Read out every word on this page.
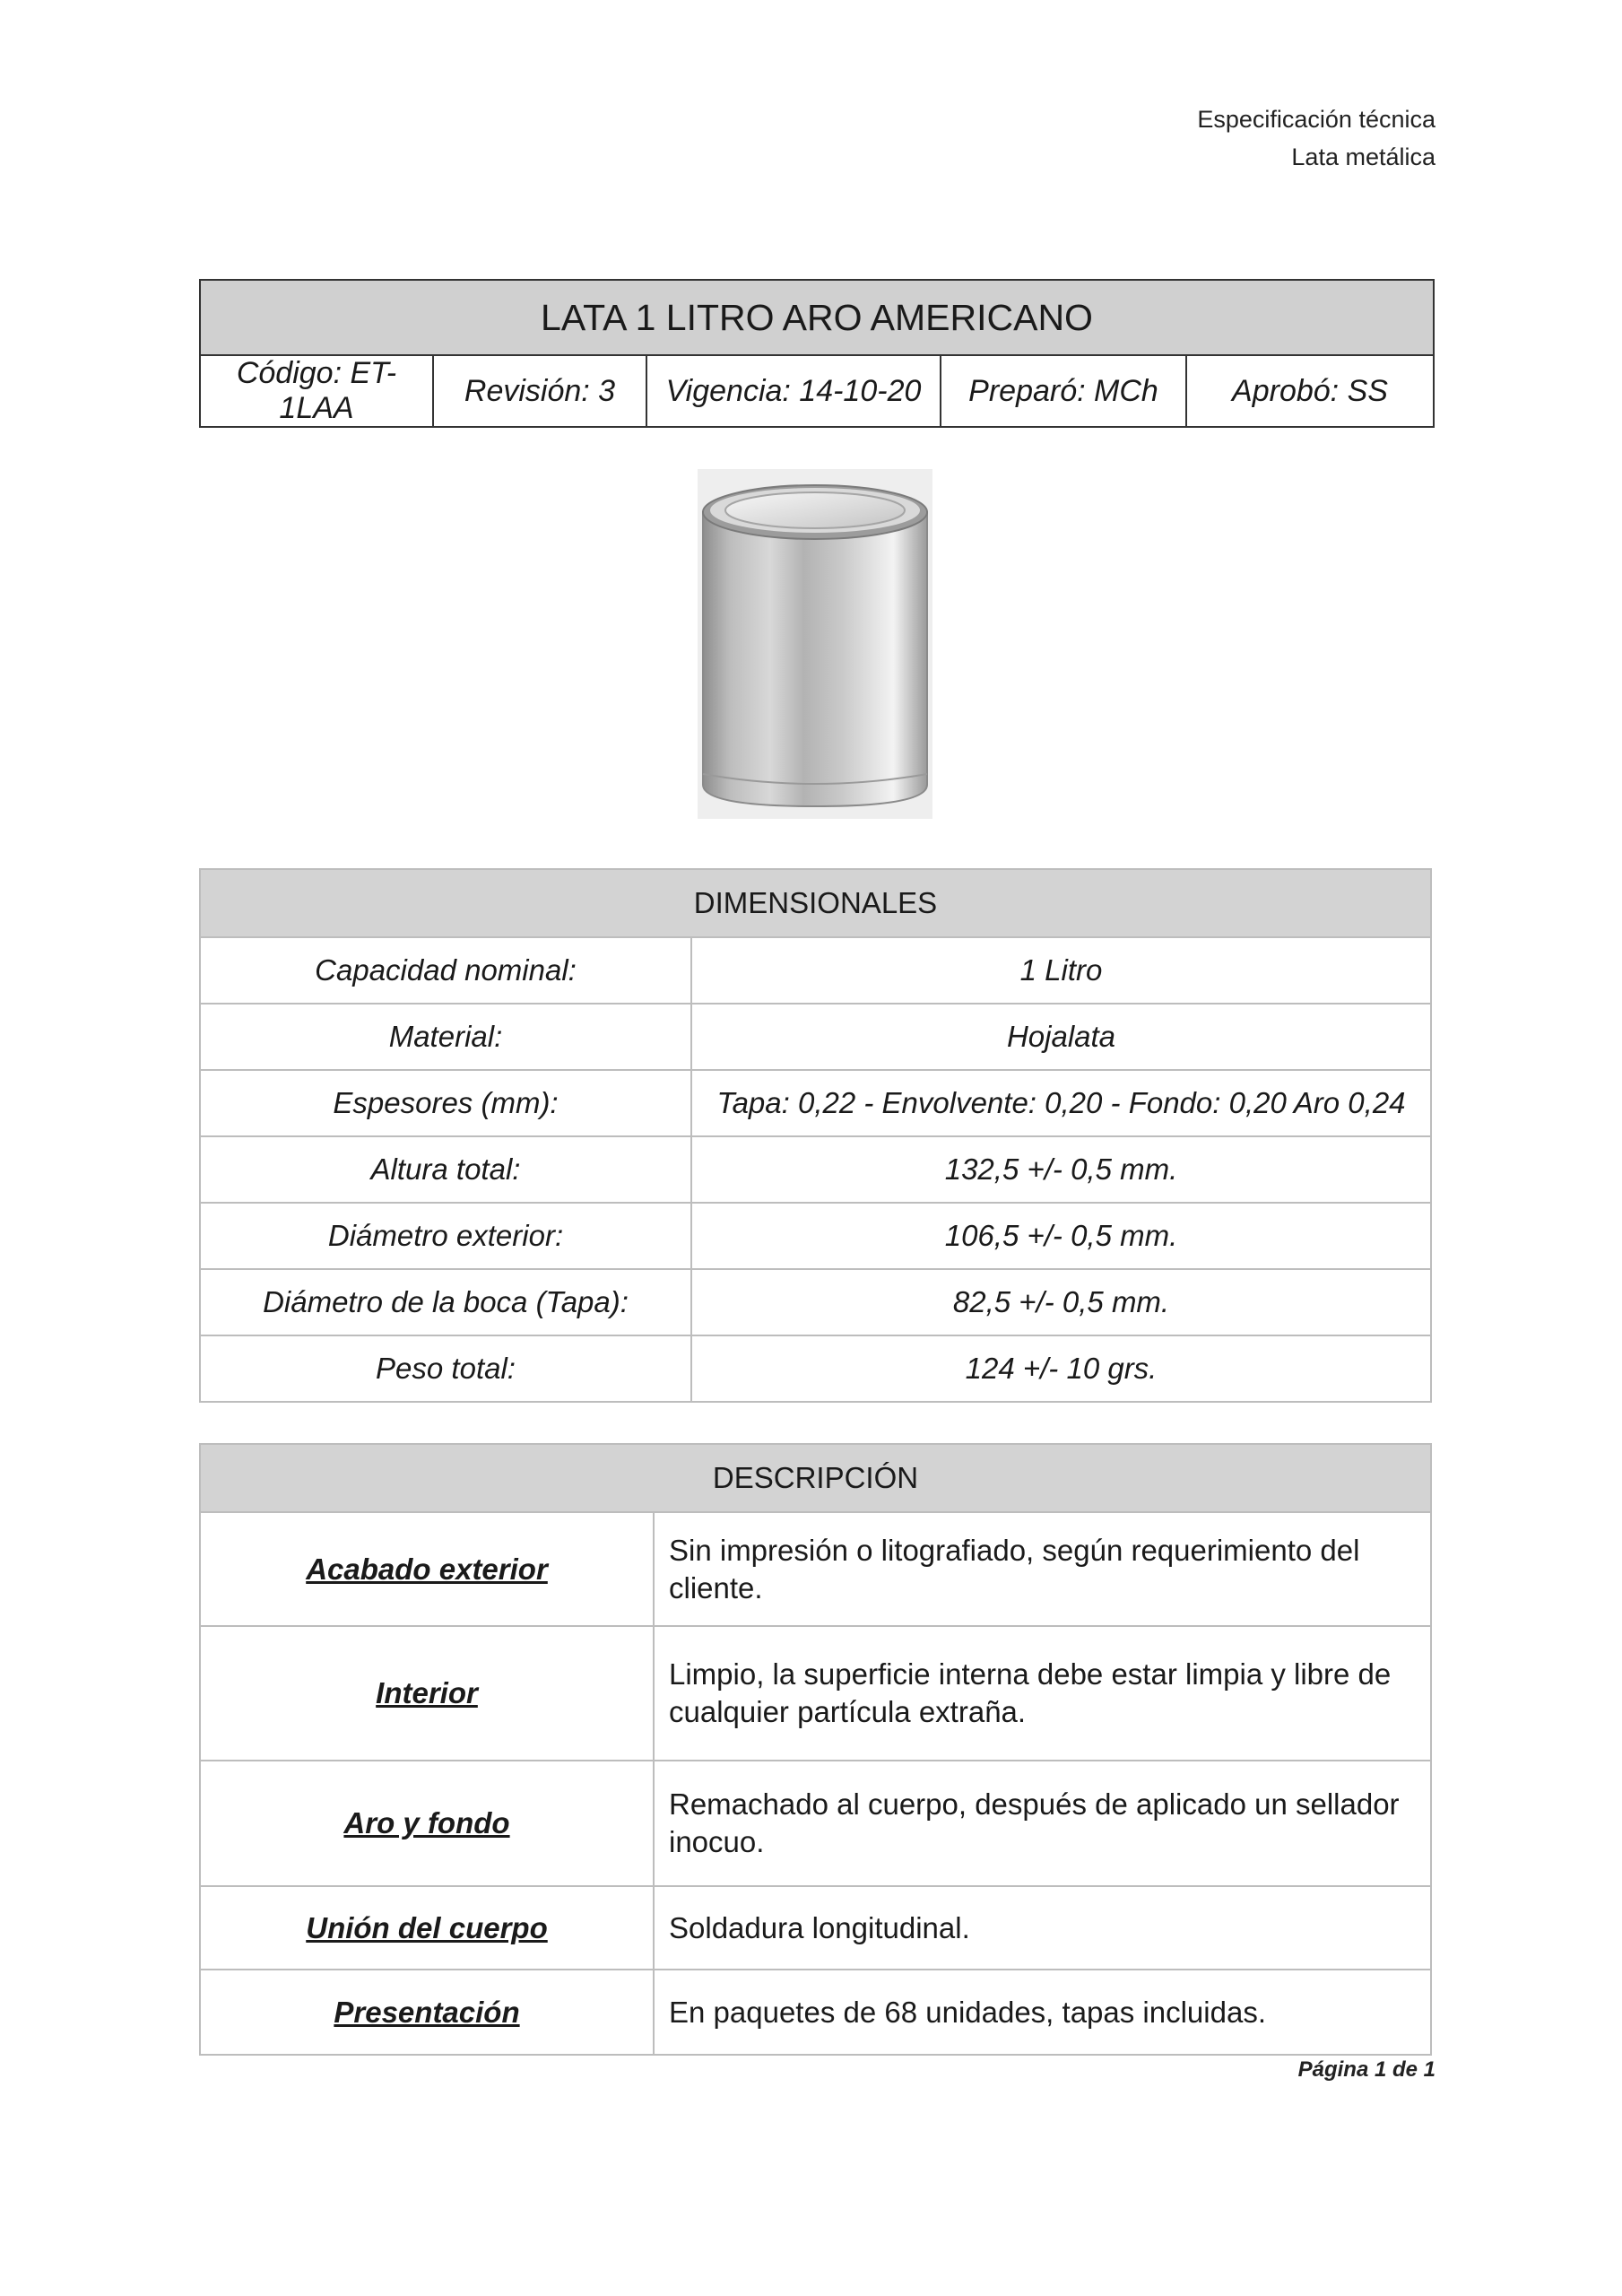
Especificación técnica
Lata metálica
LATA 1 LITRO ARO AMERICANO
Código: ET-1LAA	Revisión: 3	Vigencia: 14-10-20	Preparó: MCh	Aprobó: SS
DIMENSIONALES	
Capacidad nominal:	1 Litro
Material:	Hojalata
Espesores (mm):	Tapa: 0,22 - Envolvente: 0,20 - Fondo: 0,20 Aro 0,24
Altura total:	132,5 +/- 0,5 mm.
Diámetro exterior:	106,5 +/- 0,5 mm.
Diámetro de la boca (Tapa):	82,5 +/- 0,5 mm.
Peso total:	124 +/- 10 grs.
DESCRIPCIÓN	
Acabado exterior	Sin impresión o litografiado, según requerimiento del cliente.
Interior	Limpio, la superficie interna debe estar limpia y libre de cualquier partícula extraña.
Aro y fondo	Remachado al cuerpo, después de aplicado un sellador inocuo.
Unión del cuerpo	Soldadura longitudinal.
Presentación	En paquetes de 68 unidades, tapas incluidas.
Página 1 de 1
